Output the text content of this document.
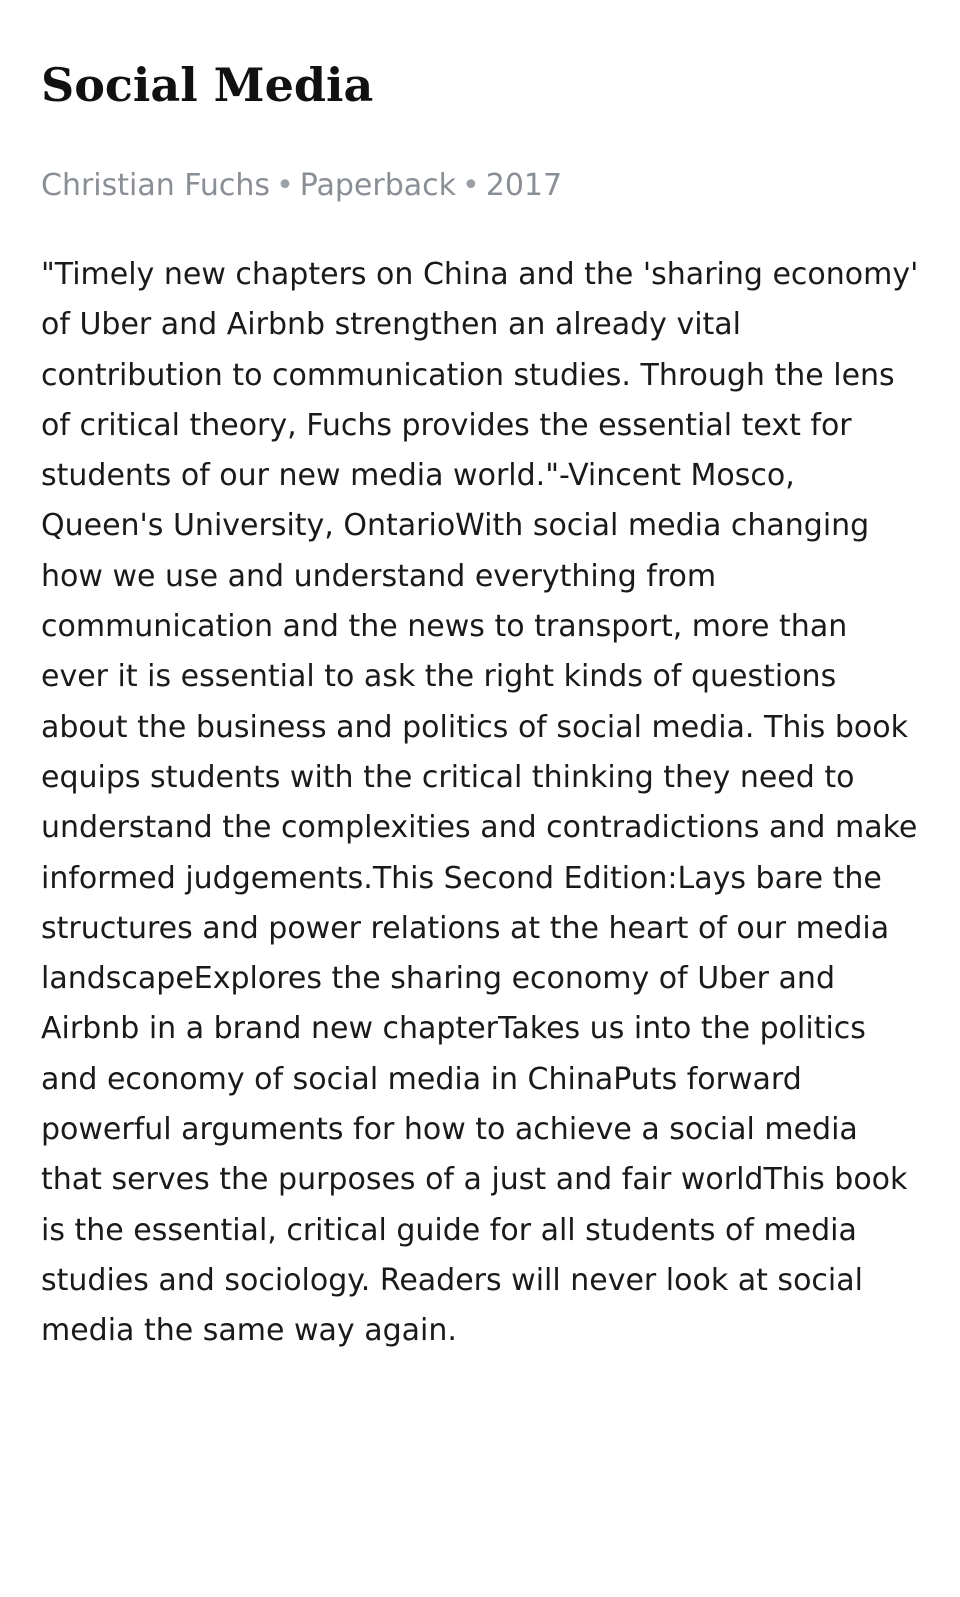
Social Media
Christian Fuchs • Paperback • 2017

"Timely new chapters on China and the 'sharing economy' of Uber and Airbnb strengthen an already vital contribution to communication studies. Through the lens of critical theory, Fuchs provides the essential text for students of our new media world."-Vincent Mosco, Queen's University, OntarioWith social media changing how we use and understand everything from communication and the news to transport, more than ever it is essential to ask the right kinds of questions about the business and politics of social media. This book equips students with the critical thinking they need to understand the complexities and contradictions and make informed judgements.This Second Edition:Lays bare the structures and power relations at the heart of our media landscapeExplores the sharing economy of Uber and Airbnb in a brand new chapterTakes us into the politics and economy of social media in ChinaPuts forward powerful arguments for how to achieve a social media that serves the purposes of a just and fair worldThis book is the essential, critical guide for all students of media studies and sociology. Readers will never look at social media the same way again.
